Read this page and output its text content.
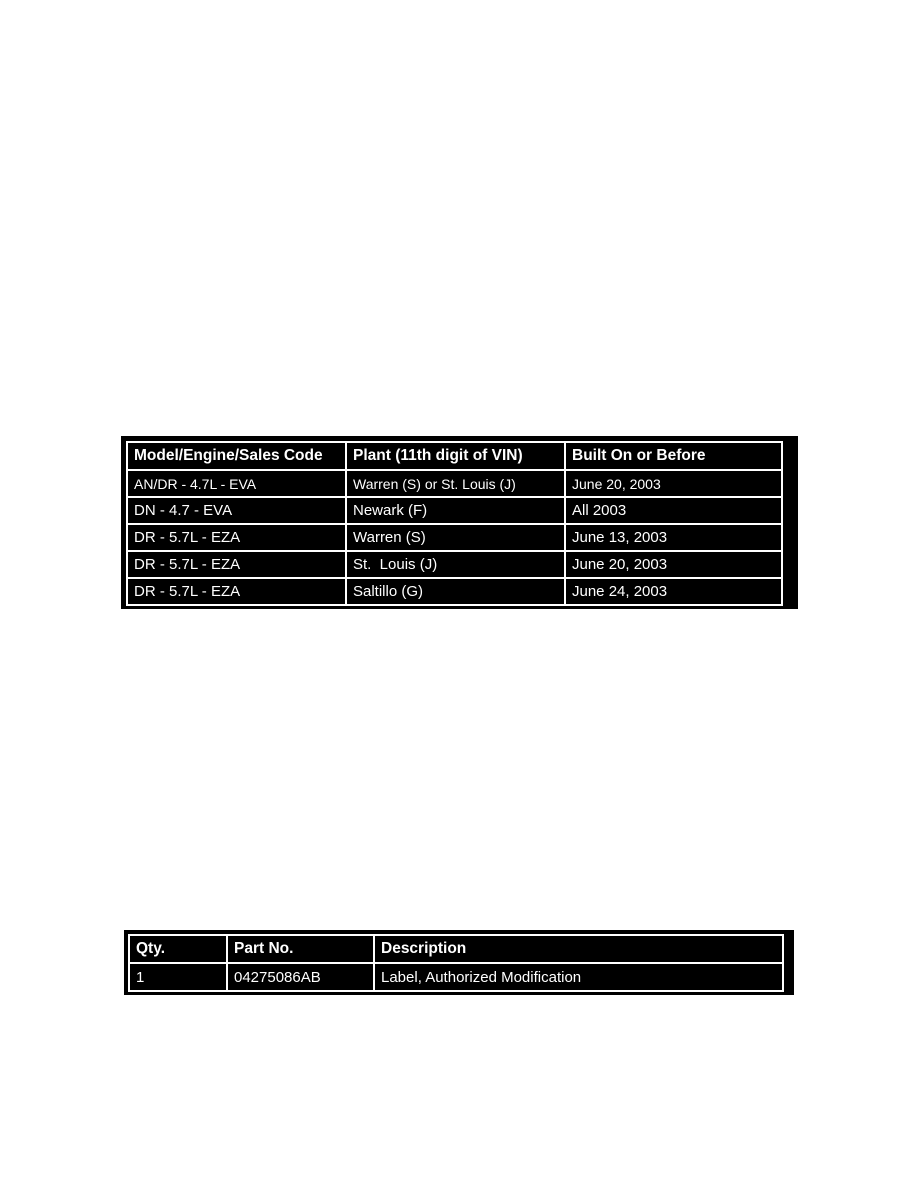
Model/Engine/Sales Code	Plant (11th digit of VIN)	Built On or Before
AN/DR - 4.7L - EVA	Warren (S) or St. Louis (J)	June 20, 2003
DN - 4.7 - EVA	Newark (F)	All 2003
DR - 5.7L - EZA	Warren (S)	June 13, 2003
DR - 5.7L - EZA	St.  Louis (J)	June 20, 2003
DR - 5.7L - EZA	Saltillo (G)	June 24, 2003
Qty.	Part No.	Description
1	04275086AB	Label, Authorized Modification
